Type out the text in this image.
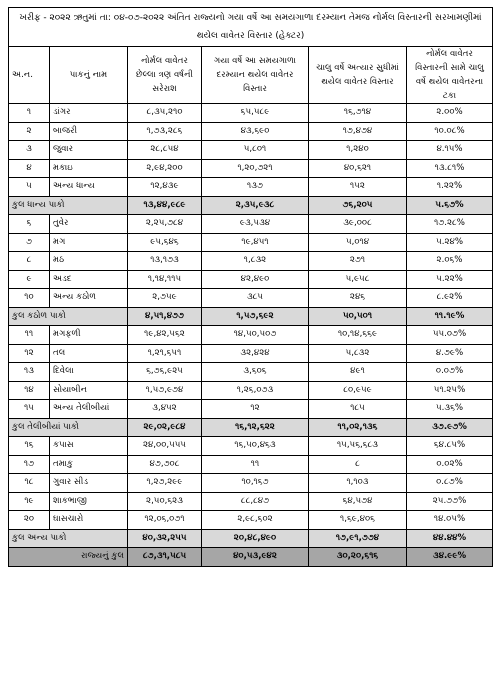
ખરીફ - ૨૦૨૨ ઋતુમાં તા: ૦૪-૦૭-૨૦૨૨ અંતિત રાજ્યનો ગયા વર્ષે આ સમયગાળા દરમ્યાન તેમજ નોર્મલ વિસ્તારની સરખામણીમાં થયેલ વાવેતર વિસ્તાર (હેક્ટર)					
અ.ન.	પાકનું નામ	નોર્મલ વાવેતર છેલ્લા ત્રણ વર્ષની સરેરાશ	ગયા વર્ષે આ સમયગાળા દરમ્યાન થયેલ વાવેતર વિસ્તાર	ચાલુ વર્ષે અત્યાર સુધીમાં થયેલ વાવેતર વિસ્તાર	નોર્મલ વાવેતર વિસ્તારની સામે ચાલુ વર્ષે થયેલ વાવેતરના ટકા
૧	ડાંગર	૮,૩૫,૨૧૦	૬૫,૫૮૯	૧૬,૭૧૪	૨.૦૦%
૨	બાજરી	૧,૭૩,૨૮૬	૪૩,૬૯૦	૧૭,૪૭૪	૧૦.૦૮%
૩	જુવાર	૨૮,૮૫૪	૫,૮૦૧	૧,૨૪૦	૪.૧૫%
૪	મકાઇ	૨,૯૪,૨૦૦	૧,૨૦,૭૨૧	૪૦,૬૨૧	૧૩.૮૧%
૫	અન્ય ધાન્ય	૧૨,૪૩૯	૧૩૭	૧૫૨	૧.૨૨%
કુલ ધાન્ય પાકો		૧૩,૪૪,૯૮૯	૨,૩૫,૯૩૮	૭૬,૨૦૫	૫.૬૭%
૬	તુવેર	૨,૨૫,૭૮૪	૯૩,૫૩૪	૩૯,૦૦૮	૧૭.૨૮%
૭	મગ	૯૫,૬૪૬	૧૯,૪૫૧	૫,૦૧૪	૫.૨૪%
૮	મઠ	૧૩,૧૭૩	૧,૮૩૨	૨૭૧	૨.૦૬%
૯	અડદ	૧,૧૪,૧૧૫	૪૨,૪૯૦	૫,૯૫૮	૫.૨૨%
૧૦	અન્ય કઠોળ	૨,૭૫૯	૩૮૫	૨૪૬	૮.૯૨%
કુલ કઠોળ પાકો		૪,૫૧,૪૭૭	૧,૫૭,૬૯૨	૫૦,૫૦૧	૧૧.૧૯%
૧૧	મગફળી	૧૯,૪૨,૫૬૨	૧૪,૫૦,૫૦૭	૧૦,૧૪,૬૬૯	૫૫.૦૭%
૧૨	તલ	૧,૨૧,૬૫૧	૩૨,૪૨૪	૫,૮૩૨	૪.૭૯%
૧૩	દિવેલા	૬,૭૬,૯૨૫	૩,૬૦૬	૪૯૧	૦.૦૭%
૧૪	સોયાબીન	૧,૫૭,૯૭૪	૧,૨૬,૦૭૩	૮૦,૯૫૯	૫૧.૨૫%
૧૫	અન્ય તેલીબીયાં	૩,૪૫૨	૧૨	૧૮૫	૫.૩૬%
કુલ તેલીબીયાં પાકો		૨૯,૦૨,૯૮૪	૧૬,૧૨,૬૨૨	૧૧,૦૨,૧૩૬	૩૭.૯૭%
૧૬	કપાસ	૨૪,૦૦,૫૫૫	૧૬,૫૦,૪૬૩	૧૫,૫૬,૬૮૩	૬૪.૮૫%
૧૭	તમાકુ	૪૭,૭૦૮	૧૧	૮	૦.૦૨%
૧૮	ગુવાર સીડ	૧,૨૭,૨૯૯	૧૦,૧૬૭	૧,૧૦૩	૦.૮૭%
૧૯	શાકભાજી	૨,૫૦,૬૨૩	૮૮,૮૪૭	૬૪,૫૭૪	૨૫.૭૭%
૨૦	ઘાસચારો	૧૨,૦૬,૦૭૧	૨,૯૮,૬૦૨	૧,૬૯,૪૦૬	૧૪.૦૫%
કુલ અન્ય પાકો		૪૦,૩૨,૨૫૫	૨૦,૪૮,૪૯૦	૧૭,૯૧,૭૭૪	૪૪.૪૪%
રાજ્યનું કુલ		૮૭,૩૧,૫૮૫	૪૦,૫૩,૯૪૨	૩૦,૨૦,૬૧૬	૩૪.૯૯%
